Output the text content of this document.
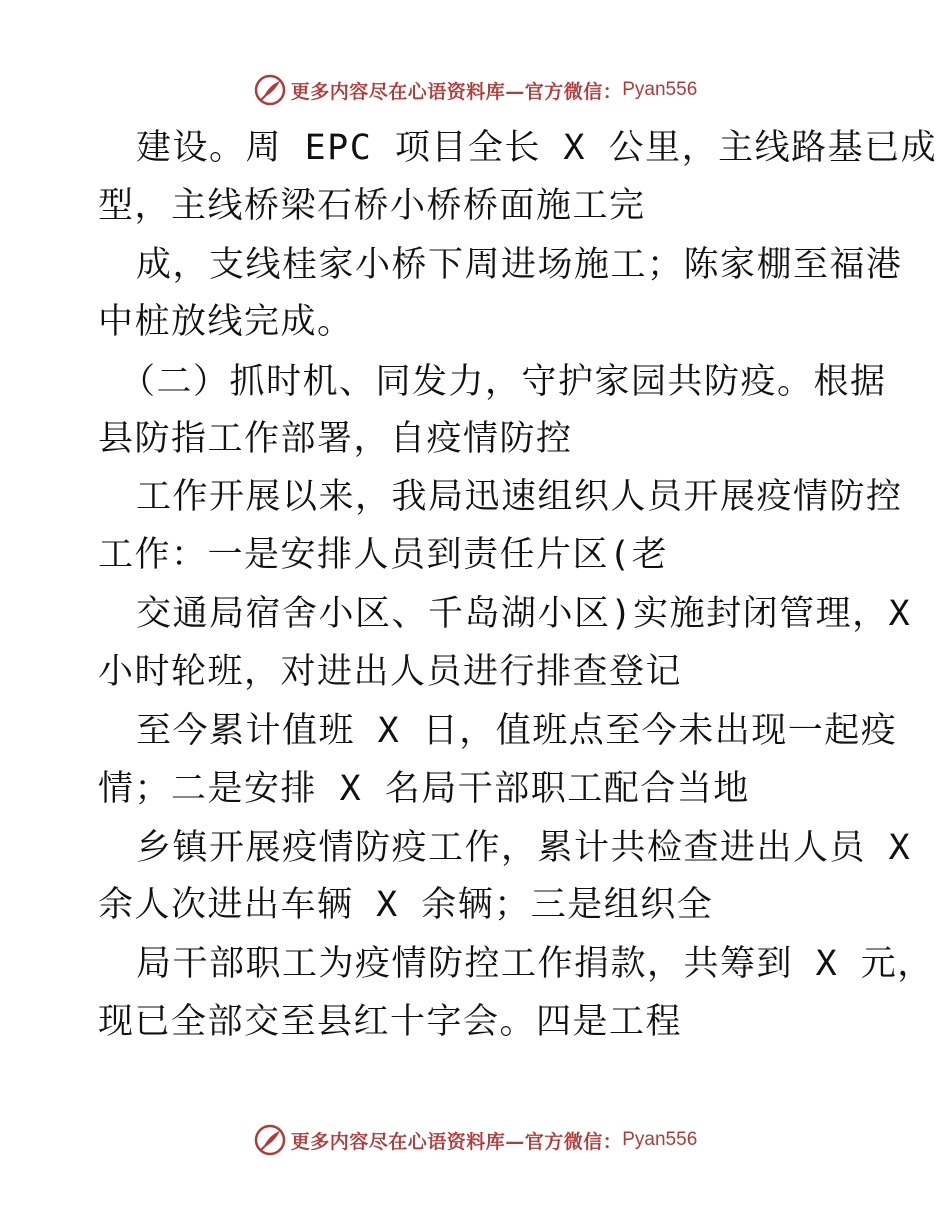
更多内容尽在心语资料库—官方微信： Pyan556
建设。周 EPC 项目全长 X 公里，主线路基已成
型，主线桥梁石桥小桥桥面施工完
成，支线桂家小桥下周进场施工；陈家棚至福港
中桩放线完成。
（二）抓时机、同发力，守护家园共防疫。根据
县防指工作部署，自疫情防控
工作开展以来，我局迅速组织人员开展疫情防控
工作：一是安排人员到责任片区(老
交通局宿舍小区、千岛湖小区)实施封闭管理，X
小时轮班，对进出人员进行排查登记
至今累计值班 X 日，值班点至今未出现一起疫
情；二是安排 X 名局干部职工配合当地
乡镇开展疫情防疫工作，累计共检查进出人员 X
余人次进出车辆 X 余辆；三是组织全
局干部职工为疫情防控工作捐款，共筹到 X 元，
现已全部交至县红十字会。四是工程
更多内容尽在心语资料库—官方微信： Pyan556
